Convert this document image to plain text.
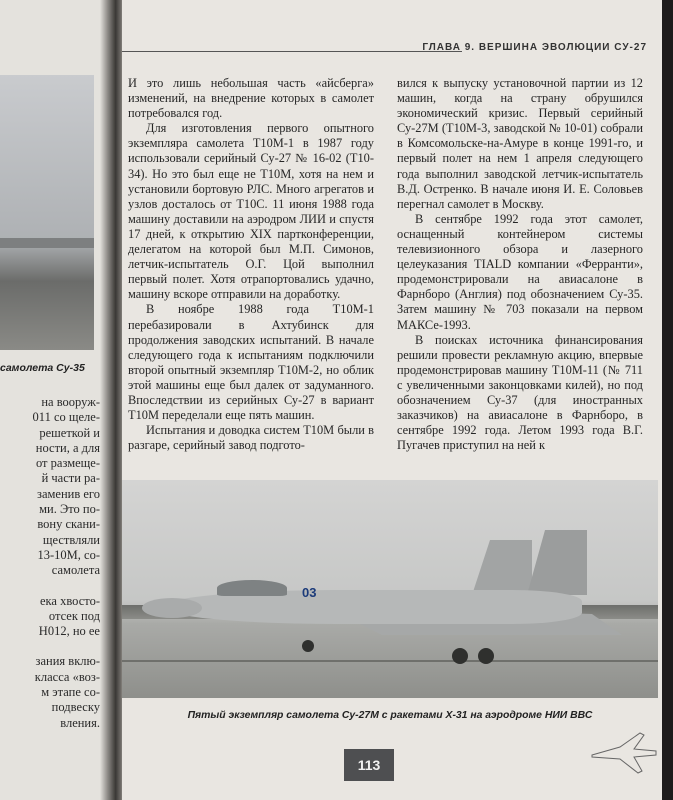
самолета Су-35
на вооруж-
011 со щеле-
решеткой и
ности, а для
от размеще-
й части ра-
заменив его
ми. Это по-
вону скани-
ществляли
13-10М, со-
самолета
ека хвосто-
отсек под
Н012, но ее
зания вклю-
класса «воз-
м этапе со-
подвеску
вления.
ГЛАВА 9. ВЕРШИНА ЭВОЛЮЦИИ СУ-27

И это лишь небольшая часть «айсберга» изменений, на внедрение которых в самолет потребовался год.

Для изготовления первого опытного экземпляра самолета Т10М-1 в 1987 году использовали серийный Су-27 № 16-02 (Т10-34). Но это был еще не Т10М, хотя на нем и установили бортовую РЛС. Много агрегатов и узлов досталось от Т10С. 11 июня 1988 года машину доставили на аэродром ЛИИ и спустя 17 дней, к открытию XIX партконференции, делегатом на которой был М.П. Симонов, летчик-испытатель О.Г. Цой выполнил первый полет. Хотя отрапортовались удачно, машину вскоре отправили на доработку.

В ноябре 1988 года Т10М-1 перебазировали в Ахтубинск для продолжения заводских испытаний. В начале следующего года к испытаниям подключили второй опытный экземпляр Т10М-2, но облик этой машины еще был далек от задуманного. Впоследствии из серийных Су-27 в вариант Т10М переделали еще пять машин.

Испытания и доводка систем Т10М были в разгаре, серийный завод подгото-

вился к выпуску установочной партии из 12 машин, когда на страну обрушился экономический кризис. Первый серийный Су-27М (Т10М-3, заводской № 10-01) собрали в Комсомольске-на-Амуре в конце 1991-го, и первый полет на нем 1 апреля следующего года выполнил заводской летчик-испытатель В.Д. Остренко. В начале июня И. Е. Соловьев перегнал самолет в Москву.

В сентябре 1992 года этот самолет, оснащенный контейнером системы телевизионного обзора и лазерного целеуказания TIALD компании «Ферранти», продемонстрировали на авиасалоне в Фарнборо (Англия) под обозначением Су-35. Затем машину № 703 показали на первом МАКСе-1993.

В поисках источника финансирования решили провести рекламную акцию, впервые продемонстрировав машину Т10М-11 (№ 711 с увеличенными законцовками килей), но под обозначением Су-37 (для иностранных заказчиков) на авиасалоне в Фарнборо, в сентябре 1992 года. Летом 1993 года В.Г. Пугачев приступил на ней к

03
Пятый экземпляр самолета Су-27М с ракетами Х-31 на аэродроме НИИ ВВС
113
